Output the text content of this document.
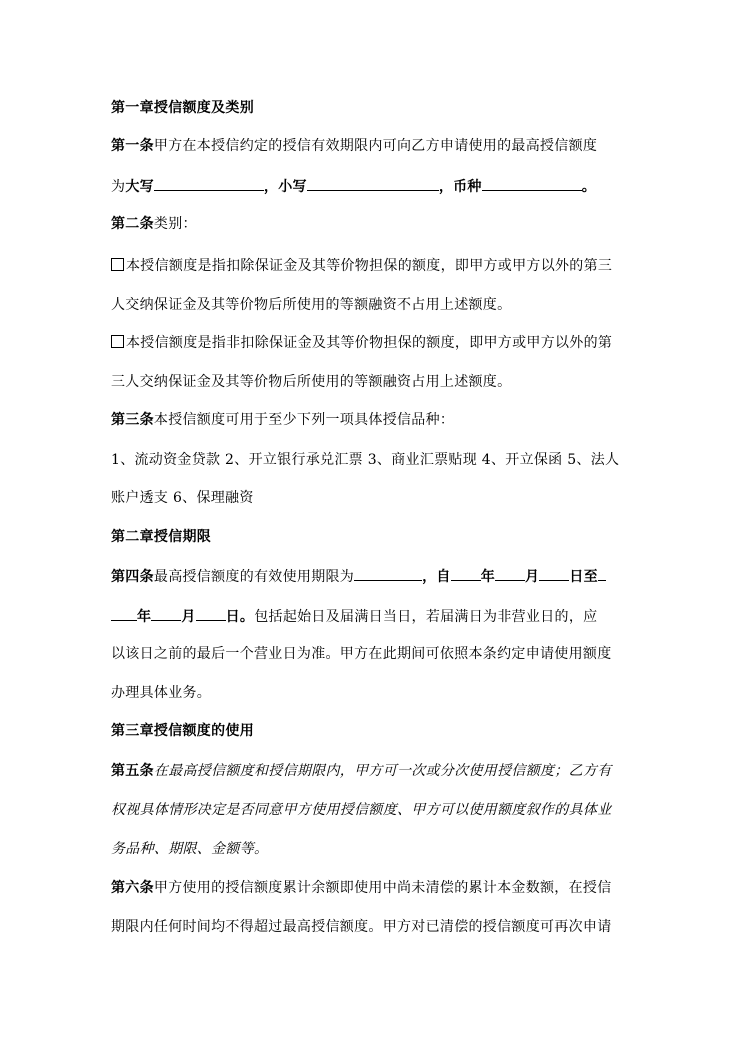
第一章授信额度及类别
第一条甲方在本授信约定的授信有效期限内可向乙方申请使用的最高授信额度
为大写	，小写	，币种	。
第二条类别：
本授信额度是指扣除保证金及其等价物担保的额度，即甲方或甲方以外的第三
人交纳保证金及其等价物后所使用的等额融资不占用上述额度。
本授信额度是指非扣除保证金及其等价物担保的额度，即甲方或甲方以外的第
三人交纳保证金及其等价物后所使用的等额融资占用上述额度。
第三条本授信额度可用于至少下列一项具体授信品种：
1、流动资金贷款 2、开立银行承兑汇票 3、商业汇票贴现 4、开立保函 5、法人
账户透支 6、保理融资
第二章授信期限
第四条最高授信额度的有效使用期限为	，自 年 月 日至
年 月 日。包括起始日及届满日当日，若届满日为非营业日的，应
以该日之前的最后一个营业日为准。甲方在此期间可依照本条约定申请使用额度
办理具体业务。
第三章授信额度的使用
第五条在最高授信额度和授信期限内，甲方可一次或分次使用授信额度；乙方有
权视具体情形决定是否同意甲方使用授信额度、甲方可以使用额度叙作的具体业
务品种、期限、金额等。
第六条甲方使用的授信额度累计余额即使用中尚未清偿的累计本金数额，在授信
期限内任何时间均不得超过最高授信额度。甲方对已清偿的授信额度可再次申请
